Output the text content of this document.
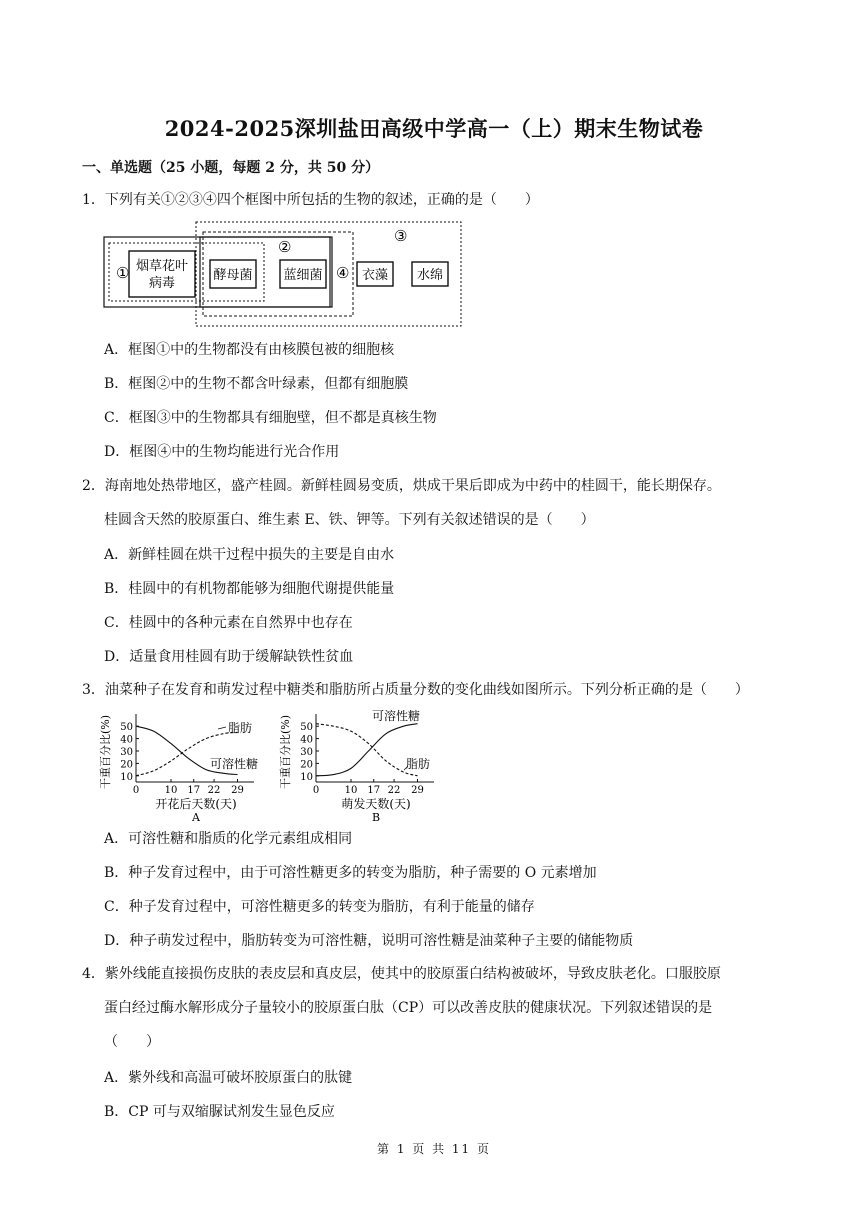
2024-2025深圳盐田高级中学高一（上）期末生物试卷
一、单选题（25 小题，每题 2 分，共 50 分）
1．下列有关①②③④四个框图中所包括的生物的叙述，正确的是（　　）
①
②
③
④
烟草花叶
病毒
酵母菌 蓝细菌	衣藻 水绵
A．框图①中的生物都没有由核膜包被的细胞核
B．框图②中的生物不都含叶绿素，但都有细胞膜
C．框图③中的生物都具有细胞壁，但不都是真核生物
D．框图④中的生物均能进行光合作用
2．海南地处热带地区，盛产桂圆。新鲜桂圆易变质，烘成干果后即成为中药中的桂圆干，能长期保存。
桂圆含天然的胶原蛋白、维生素 E、铁、钾等。下列有关叙述错误的是（　　）
A．新鲜桂圆在烘干过程中损失的主要是自由水
B．桂圆中的有机物都能够为细胞代谢提供能量
C．桂圆中的各种元素在自然界中也存在
D．适量食用桂圆有助于缓解缺铁性贫血
3．油菜种子在发育和萌发过程中糖类和脂肪所占质量分数的变化曲线如图所示。下列分析正确的是（　　）
干重百分比(%) 10
20
30
40
50
0	10 17 22 29
脂肪
可溶性糖
开花后天数(天)
A
干重百分比(%) 10
20
30
40
50
0	10 17 22 29
可溶性糖
脂肪
萌发天数(天)
B
A．可溶性糖和脂质的化学元素组成相同
B．种子发育过程中，由于可溶性糖更多的转变为脂肪，种子需要的 O 元素增加
C．种子发育过程中，可溶性糖更多的转变为脂肪，有利于能量的储存
D．种子萌发过程中，脂肪转变为可溶性糖，说明可溶性糖是油菜种子主要的储能物质
4．紫外线能直接损伤皮肤的表皮层和真皮层，使其中的胶原蛋白结构被破坏，导致皮肤老化。口服胶原
蛋白经过酶水解形成分子量较小的胶原蛋白肽（CP）可以改善皮肤的健康状况。下列叙述错误的是
（　　）
A．紫外线和高温可破坏胶原蛋白的肽键
B．CP 可与双缩脲试剂发生显色反应
第 1 页 共 11 页
